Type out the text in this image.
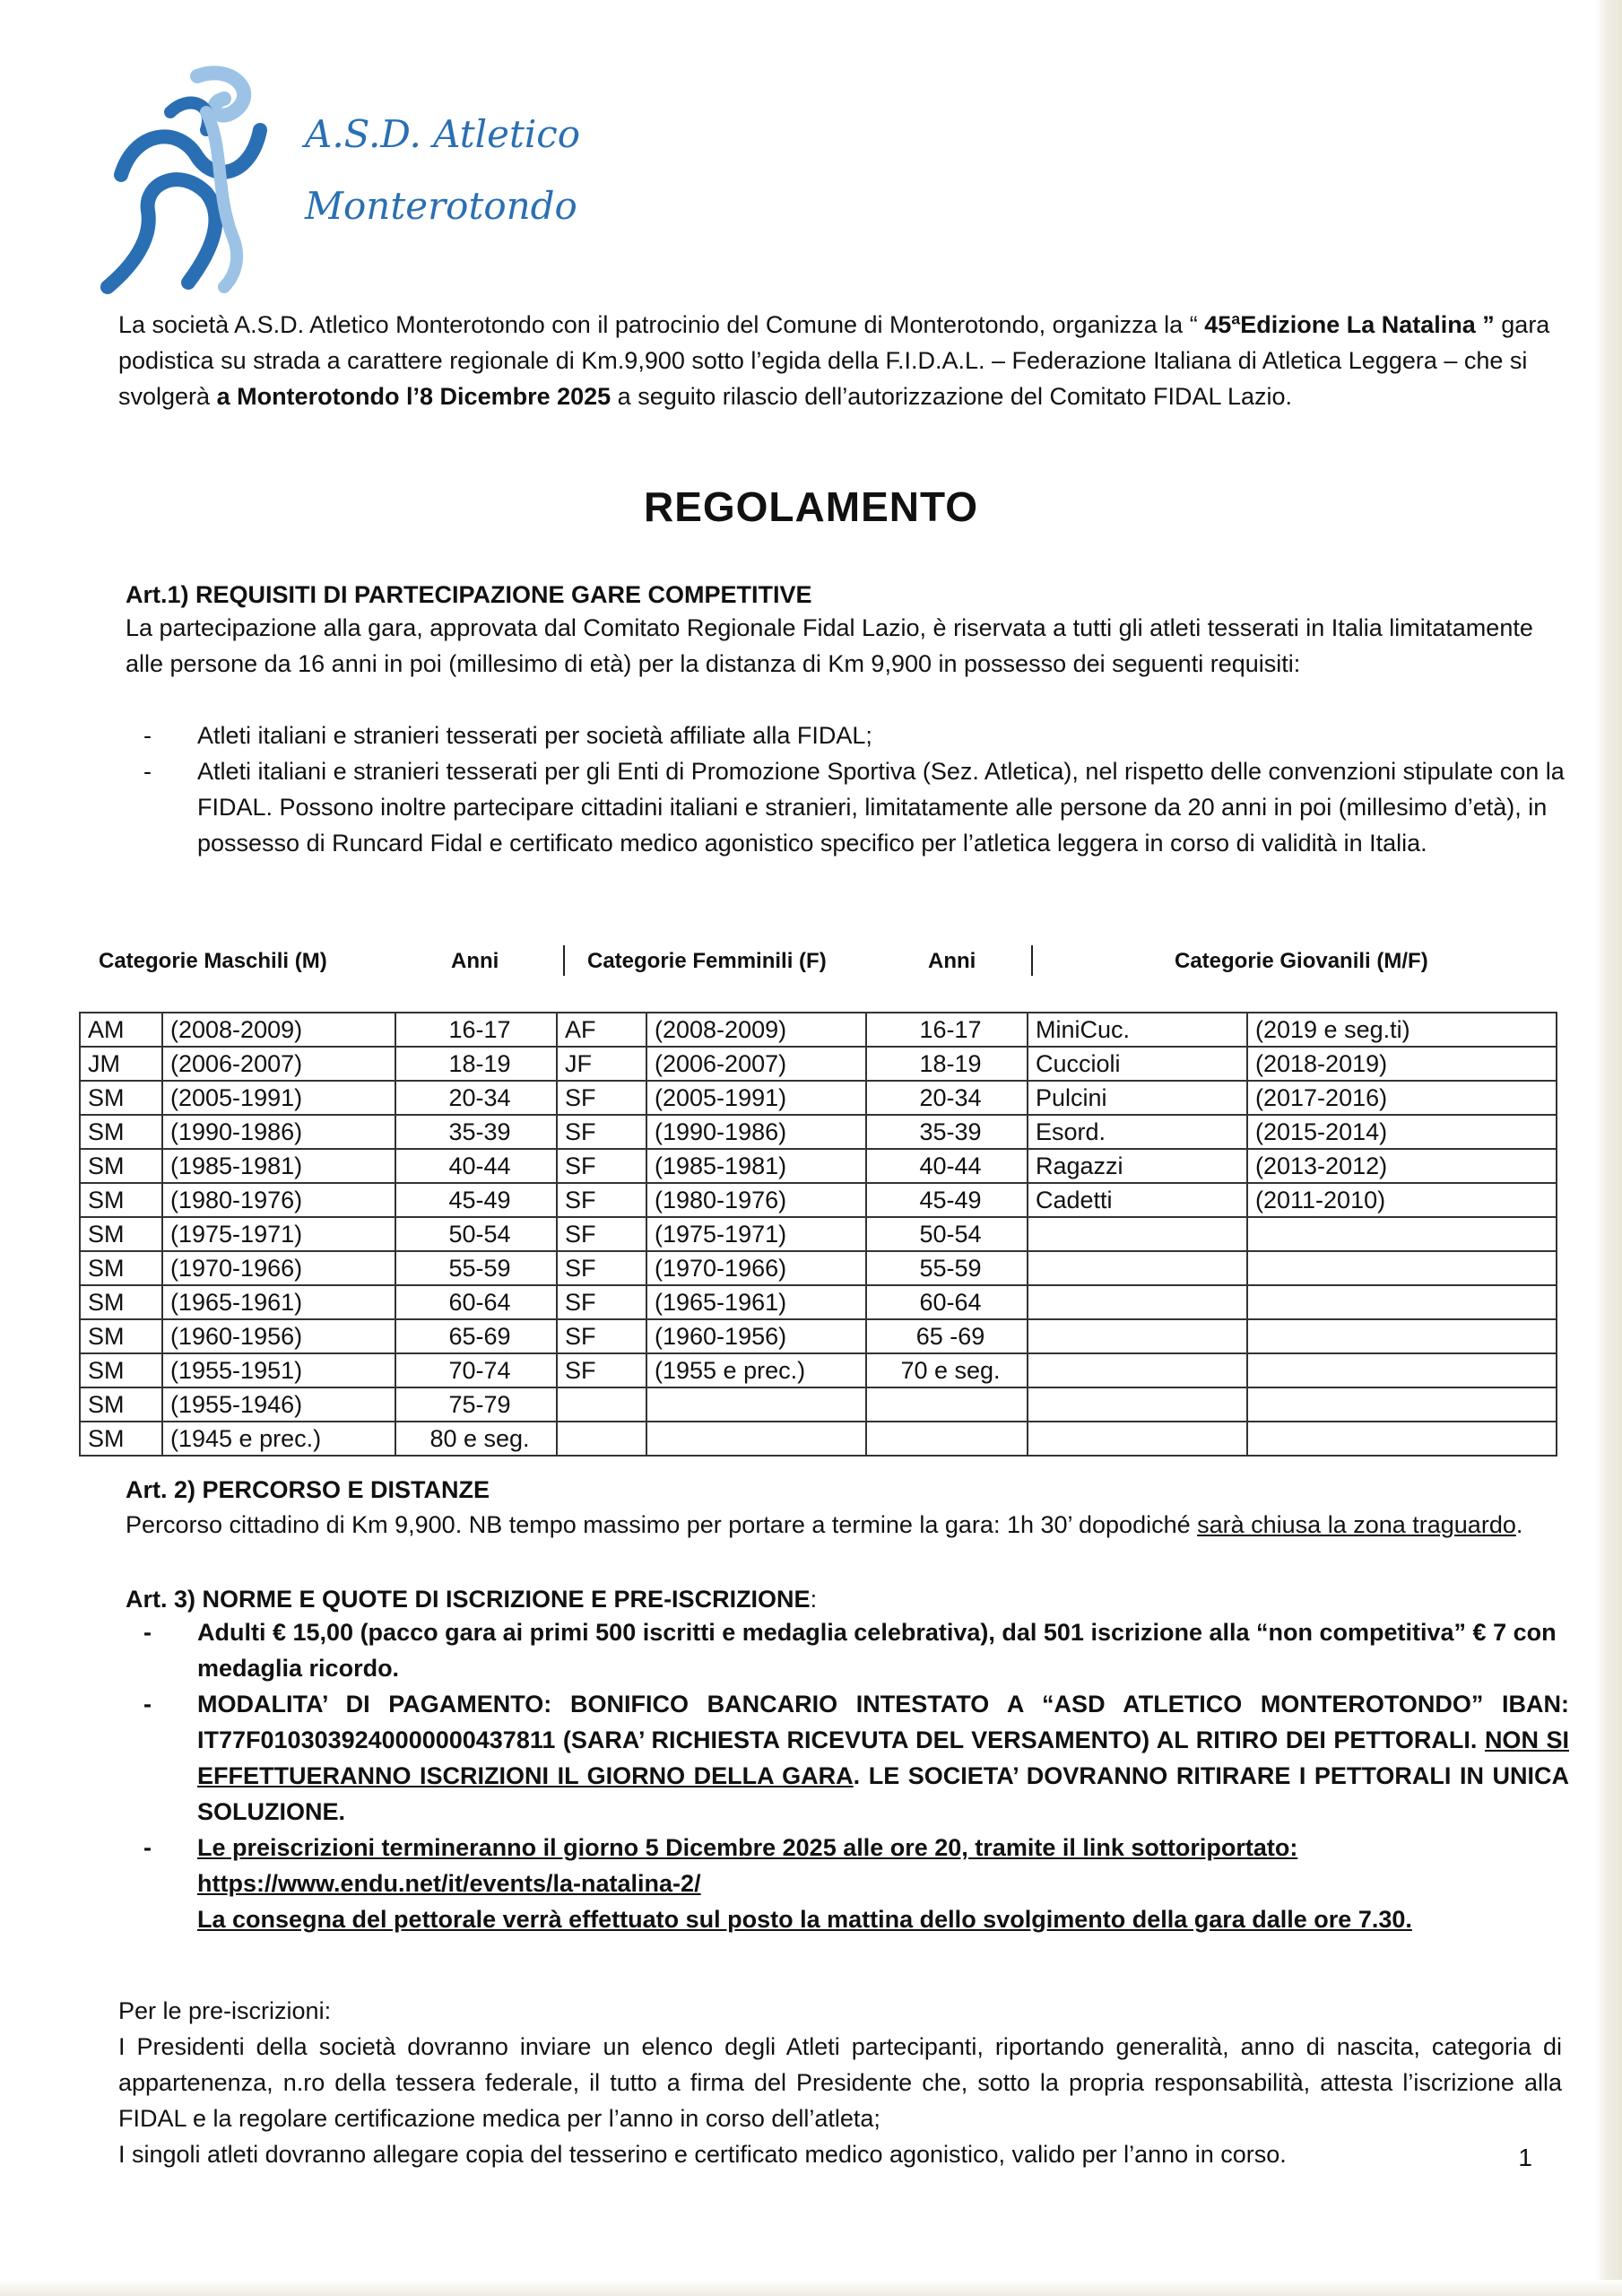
A.S.D. Atletico
Monterotondo
La società A.S.D. Atletico Monterotondo con il patrocinio del Comune di Monterotondo, organizza la “ 45ªEdizione La Natalina ” gara podistica su strada a carattere regionale di Km.9,900 sotto l’egida della F.I.D.A.L. – Federazione Italiana di Atletica Leggera – che si svolgerà a Monterotondo l’8 Dicembre 2025 a seguito rilascio dell’autorizzazione del Comitato FIDAL Lazio.
REGOLAMENTO
Art.1) REQUISITI DI PARTECIPAZIONE GARE COMPETITIVE
La partecipazione alla gara, approvata dal Comitato Regionale Fidal Lazio, è riservata a tutti gli atleti tesserati in Italia limitatamente alle persone da 16 anni in poi (millesimo di età) per la distanza di Km 9,900 in possesso dei seguenti requisiti:
- Atleti italiani e stranieri tesserati per società affiliate alla FIDAL;
- Atleti italiani e stranieri tesserati per gli Enti di Promozione Sportiva (Sez. Atletica), nel rispetto delle convenzioni stipulate con la FIDAL. Possono inoltre partecipare cittadini italiani e stranieri, limitatamente alle persone da 20 anni in poi (millesimo d’età), in possesso di Runcard Fidal e certificato medico agonistico specifico per l’atletica leggera in corso di validità in Italia.
Categorie Maschili (M)	Anni	Categorie Femminili (F)	Anni	Categorie Giovanili (M/F)
AM	(2008-2009)	16-17	AF	(2008-2009)	16-17	MiniCuc.	(2019 e seg.ti)
JM	(2006-2007)	18-19	JF	(2006-2007)	18-19	Cuccioli	(2018-2019)
SM	(2005-1991)	20-34	SF	(2005-1991)	20-34	Pulcini	(2017-2016)
SM	(1990-1986)	35-39	SF	(1990-1986)	35-39	Esord.	(2015-2014)
SM	(1985-1981)	40-44	SF	(1985-1981)	40-44	Ragazzi	(2013-2012)
SM	(1980-1976)	45-49	SF	(1980-1976)	45-49	Cadetti	(2011-2010)
SM	(1975-1971)	50-54	SF	(1975-1971)	50-54		
SM	(1970-1966)	55-59	SF	(1970-1966)	55-59		
SM	(1965-1961)	60-64	SF	(1965-1961)	60-64		
SM	(1960-1956)	65-69	SF	(1960-1956)	65 -69		
SM	(1955-1951)	70-74	SF	(1955 e prec.)	70 e seg.		
SM	(1955-1946)	75-79					
SM	(1945 e prec.)	80 e seg.					
Art. 2) PERCORSO E DISTANZE
Percorso cittadino di Km 9,900. NB tempo massimo per portare a termine la gara: 1h 30’ dopodiché sarà chiusa la zona traguardo.
Art. 3) NORME E QUOTE DI ISCRIZIONE E PRE-ISCRIZIONE:
- Adulti € 15,00 (pacco gara ai primi 500 iscritti e medaglia celebrativa), dal 501 iscrizione alla “non competitiva” € 7 con medaglia ricordo.
- MODALITA’ DI PAGAMENTO: BONIFICO BANCARIO INTESTATO A “ASD ATLETICO MONTEROTONDO” IBAN: IT77F0103039240000000437811 (SARA’ RICHIESTA RICEVUTA DEL VERSAMENTO) AL RITIRO DEI PETTORALI. NON SI EFFETTUERANNO ISCRIZIONI IL GIORNO DELLA GARA. LE SOCIETA’ DOVRANNO RITIRARE I PETTORALI IN UNICA SOLUZIONE.
- Le preiscrizioni termineranno il giorno 5 Dicembre 2025 alle ore 20, tramite il link sottoriportato:
https://www.endu.net/it/events/la-natalina-2/
La consegna del pettorale verrà effettuato sul posto la mattina dello svolgimento della gara dalle ore 7.30.
Per le pre-iscrizioni:
I Presidenti della società dovranno inviare un elenco degli Atleti partecipanti, riportando generalità, anno di nascita, categoria di appartenenza, n.ro della tessera federale, il tutto a firma del Presidente che, sotto la propria responsabilità, attesta l’iscrizione alla FIDAL e la regolare certificazione medica per l’anno in corso dell’atleta;
I singoli atleti dovranno allegare copia del tesserino e certificato medico agonistico, valido per l’anno in corso.	1
